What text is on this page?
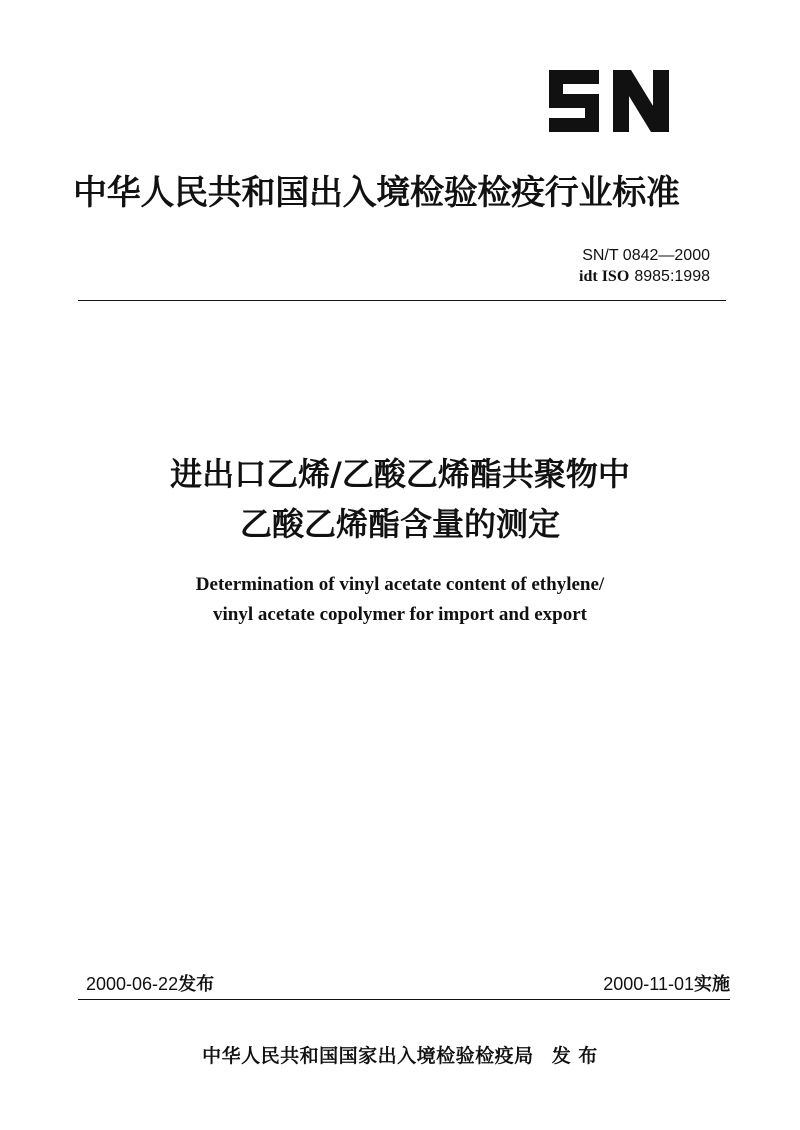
中华人民共和国出入境检验检疫行业标准
SN/T 0842—2000
idt ISO 8985:1998
进出口乙烯/乙酸乙烯酯共聚物中
乙酸乙烯酯含量的测定
Determination of vinyl acetate content of ethylene/
vinyl acetate copolymer for import and export
2000-06-22发布	2000-11-01实施
中华人民共和国国家出入境检验检疫局 发 布
